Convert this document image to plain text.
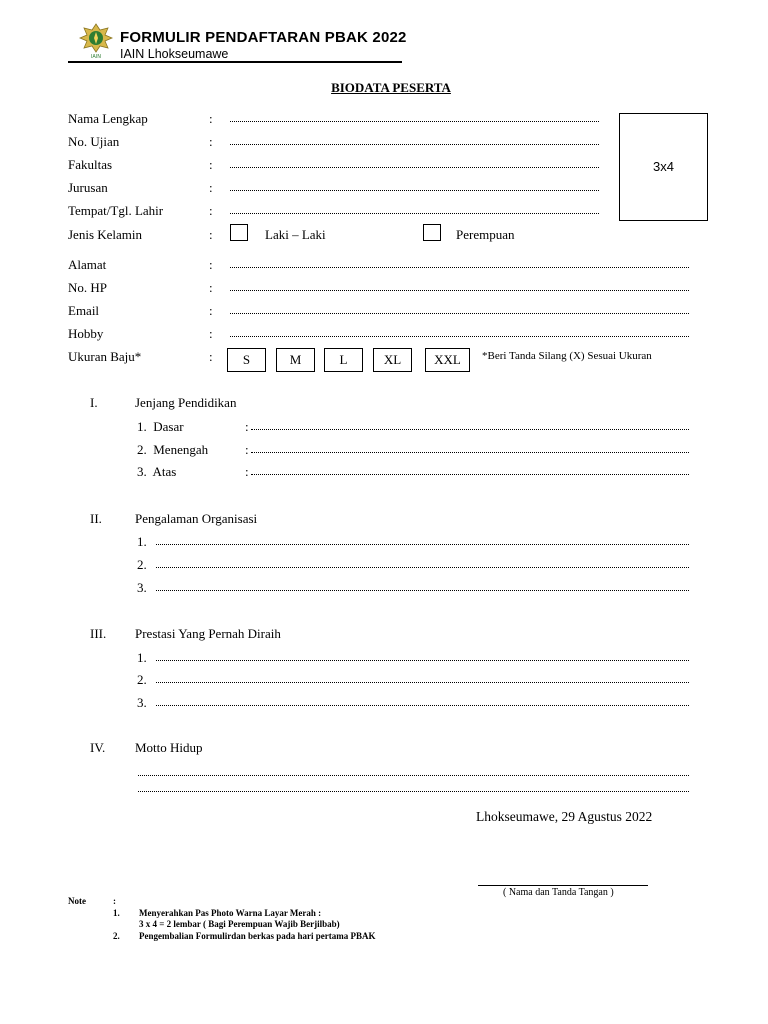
IAIN
FORMULIR PENDAFTARAN PBAK 2022
IAIN Lhokseumawe
BIODATA PESERTA
3x4
Nama Lengkap	:
No. Ujian	:
Fakultas	:
Jurusan	:
Tempat/Tgl. Lahir	:
Jenis Kelamin	:	Laki – Laki	Perempuan
Alamat	:
No. HP	:
Email	:
Hobby	:
Ukuran Baju*	:	S	M	L	XL	XXL	*Beri Tanda Silang (X) Sesuai Ukuran
I.	Jenjang Pendidikan
1.  Dasar	:
2.  Menengah	:
3.  Atas	:
II.	Pengalaman Organisasi
1.
2.
3.
III. Prestasi Yang Pernah Diraih
1.
2.
3.
IV. Motto Hidup
Lhokseumawe, 29 Agustus 2022
( Nama dan Tanda Tangan )
Note	:
1. Menyerahkan Pas Photo Warna Layar Merah :
3 x 4 = 2 lembar ( Bagi Perempuan Wajib Berjilbab)
2. Pengembalian Formulirdan berkas pada hari pertama PBAK
